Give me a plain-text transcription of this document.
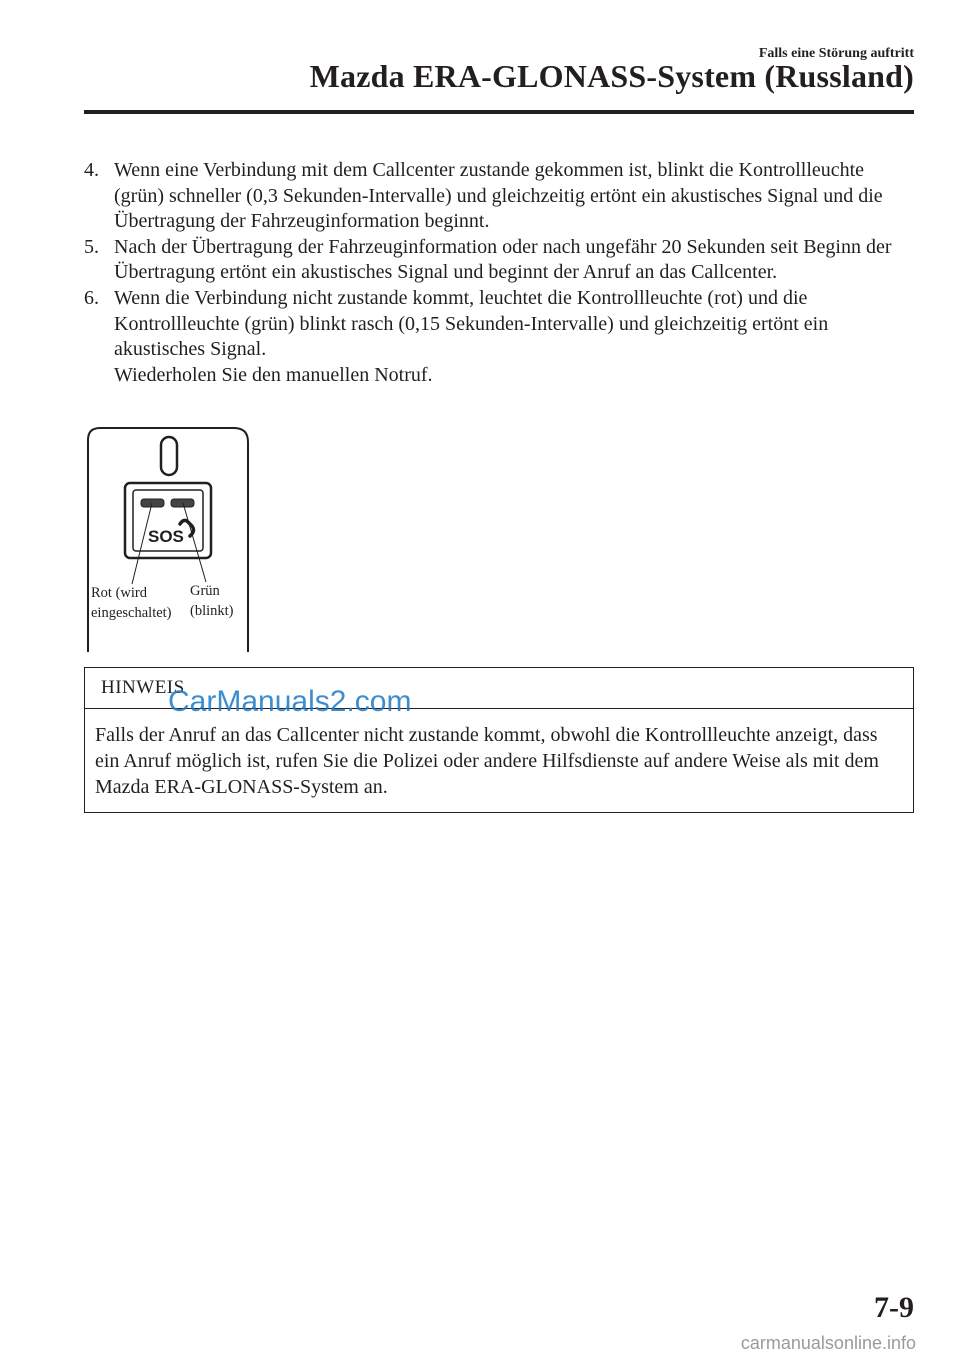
Falls eine Störung auftritt
Mazda ERA-GLONASS-System (Russland)
4. Wenn eine Verbindung mit dem Callcenter zustande gekommen ist, blinkt die Kontrollleuchte (grün) schneller (0,3 Sekunden-Intervalle) und gleichzeitig ertönt ein akustisches Signal und die Übertragung der Fahrzeuginformation beginnt.
5. Nach der Übertragung der Fahrzeuginformation oder nach ungefähr 20 Sekunden seit Beginn der Übertragung ertönt ein akustisches Signal und beginnt der Anruf an das Callcenter.
6. Wenn die Verbindung nicht zustande kommt, leuchtet die Kontrollleuchte (rot) und die Kontrollleuchte (grün) blinkt rasch (0,15 Sekunden-Intervalle) und gleichzeitig ertönt ein akustisches Signal.
Wiederholen Sie den manuellen Notruf.
SOS
Rot (wird
eingeschaltet)
Grün
(blinkt)
HINWEIS
Falls der Anruf an das Callcenter nicht zustande kommt, obwohl die Kontrollleuchte anzeigt, dass ein Anruf möglich ist, rufen Sie die Polizei oder andere Hilfsdienste auf andere Weise als mit dem Mazda ERA-GLONASS-System an.
CarManuals2.com
7-9
carmanualsonline.info
